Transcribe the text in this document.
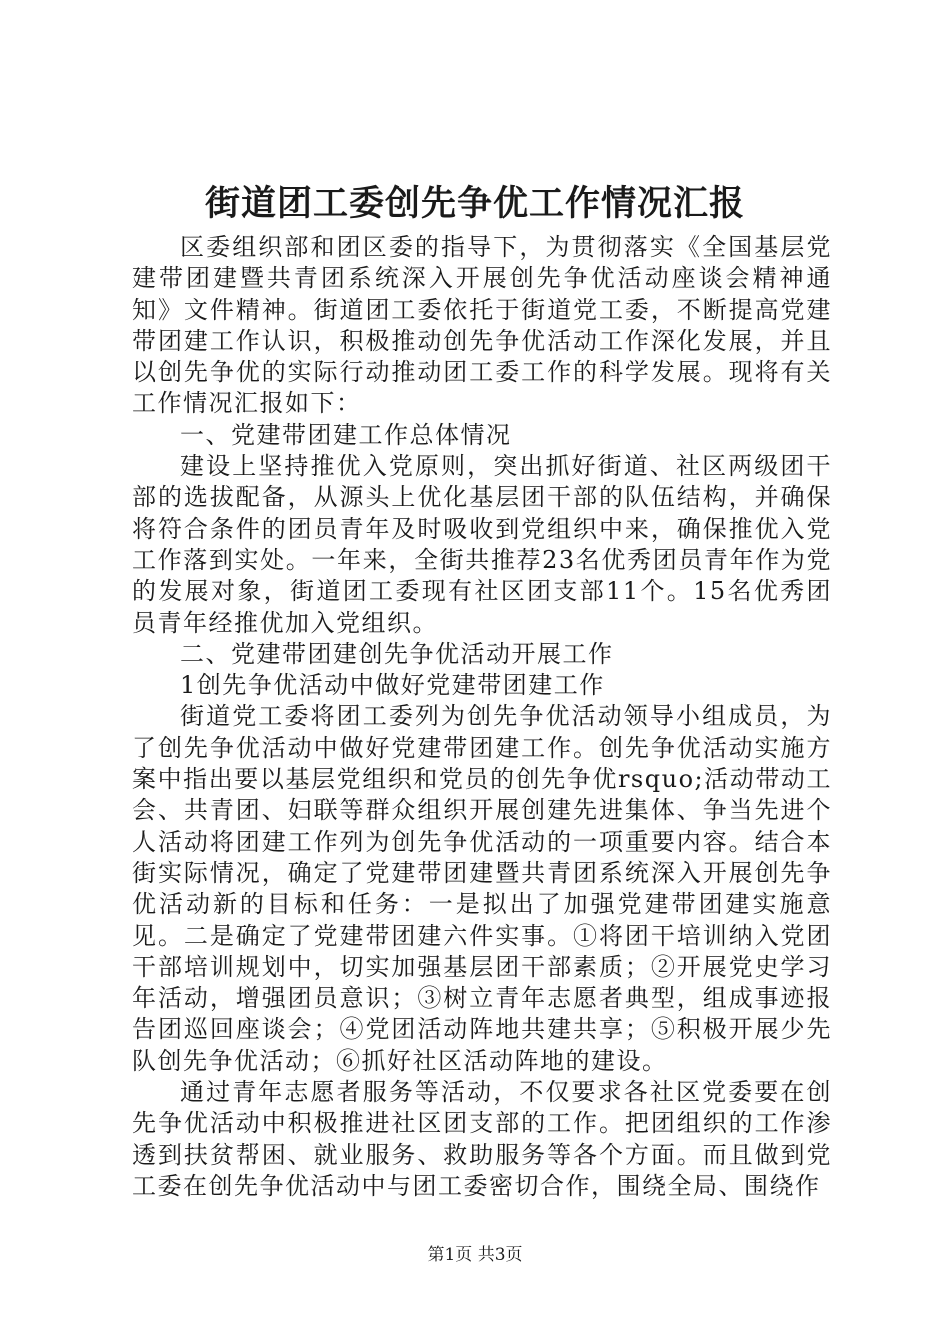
街道团工委创先争优工作情况汇报

区委组织部和团区委的指导下，为贯彻落实《全国基层党建带团建暨共青团系统深入开展创先争优活动座谈会精神通知》文件精神。街道团工委依托于街道党工委，不断提高党建带团建工作认识，积极推动创先争优活动工作深化发展，并且以创先争优的实际行动推动团工委工作的科学发展。现将有关工作情况汇报如下：

一、党建带团建工作总体情况

建设上坚持推优入党原则，突出抓好街道、社区两级团干部的选拔配备，从源头上优化基层团干部的队伍结构，并确保将符合条件的团员青年及时吸收到党组织中来，确保推优入党工作落到实处。一年来，全街共推荐23名优秀团员青年作为党的发展对象，街道团工委现有社区团支部11个。15名优秀团员青年经推优加入党组织。

二、党建带团建创先争优活动开展工作

1创先争优活动中做好党建带团建工作

街道党工委将团工委列为创先争优活动领导小组成员，为了创先争优活动中做好党建带团建工作。创先争优活动实施方案中指出要以基层党组织和党员的创先争优rsquo;活动带动工会、共青团、妇联等群众组织开展创建先进集体、争当先进个人活动将团建工作列为创先争优活动的一项重要内容。结合本街实际情况，确定了党建带团建暨共青团系统深入开展创先争优活动新的目标和任务：一是拟出了加强党建带团建实施意见。二是确定了党建带团建六件实事。①将团干培训纳入党团干部培训规划中，切实加强基层团干部素质；②开展党史学习年活动，增强团员意识；③树立青年志愿者典型，组成事迹报告团巡回座谈会；④党团活动阵地共建共享；⑤积极开展少先队创先争优活动；⑥抓好社区活动阵地的建设。

通过青年志愿者服务等活动，不仅要求各社区党委要在创先争优活动中积极推进社区团支部的工作。把团组织的工作渗透到扶贫帮困、就业服务、救助服务等各个方面。而且做到党工委在创先争优活动中与团工委密切合作，围绕全局、围绕作

第1页 共3页
